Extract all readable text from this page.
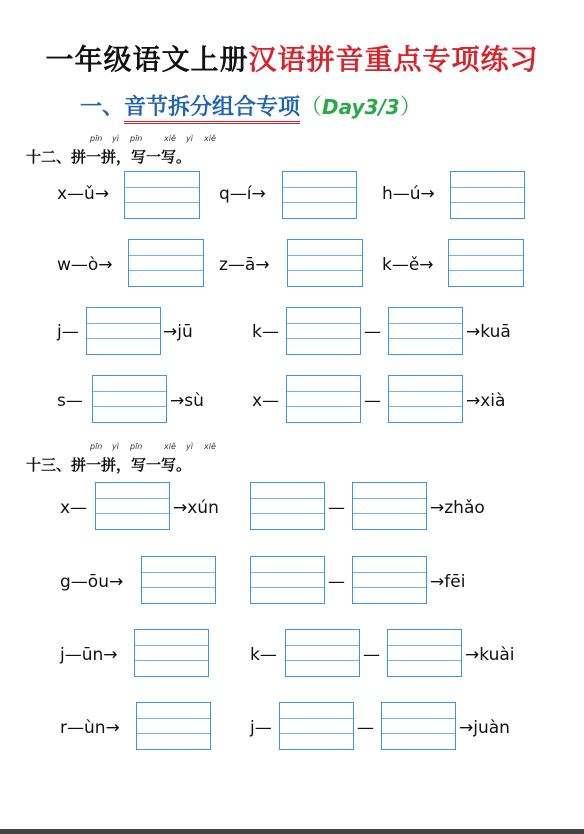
一年级语文上册汉语拼音重点专项练习
一、音节拆分组合专项（Day3/3）
pīn yì pīn	xiě yì xiě
十二、拼一拼，写一写。
x—ǔ→	q—í→	h—ú→
w—ò→	z—ā→	k—ě→
j—	→jū	k—	—	→kuā
s—	→sù	x—	—	→xià
pīn yì pīn	xiě yì xiě
十三、拼一拼，写一写。
x—	→xún	—	→zhǎo
g—ōu→	—	→fēi
j—ūn→	k—	—	→kuài
r—ùn→	j—	—	→juàn
